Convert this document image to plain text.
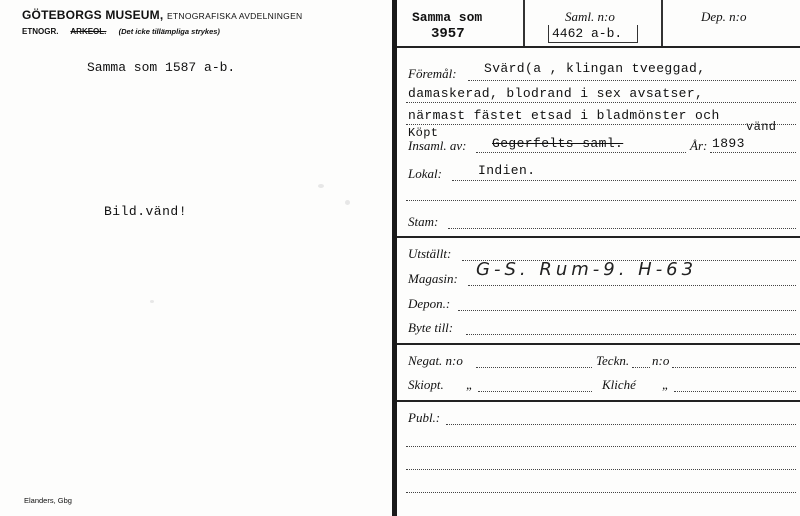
GÖTEBORGS MUSEUM, ETNOGRAFISKA AVDELNINGEN
ETNOGR. ARKEOL. (Det icke tillämpliga strykes)
Samma som 1587 a-b.
Bild.vänd!
Elanders, Gbg
Samma som
3957
Saml. n:o
4462 a-b.
Dep. n:o
Föremål: Svärd(a , klingan tveeggad,
damaskerad, blodrand i sex avsatser,
närmast fästet etsad i bladmönster och
Köpt	vänd
Insaml. av: Gegerfelts saml.	År: 1893
Lokal:	Indien.
Stam:
Utställt:
Magasin: G-S. Rum-9. H-63
Depon.:
Byte till:
Negat. n:o	Teckn. n:o
Skiopt. „	Kliché „
Publ.:
